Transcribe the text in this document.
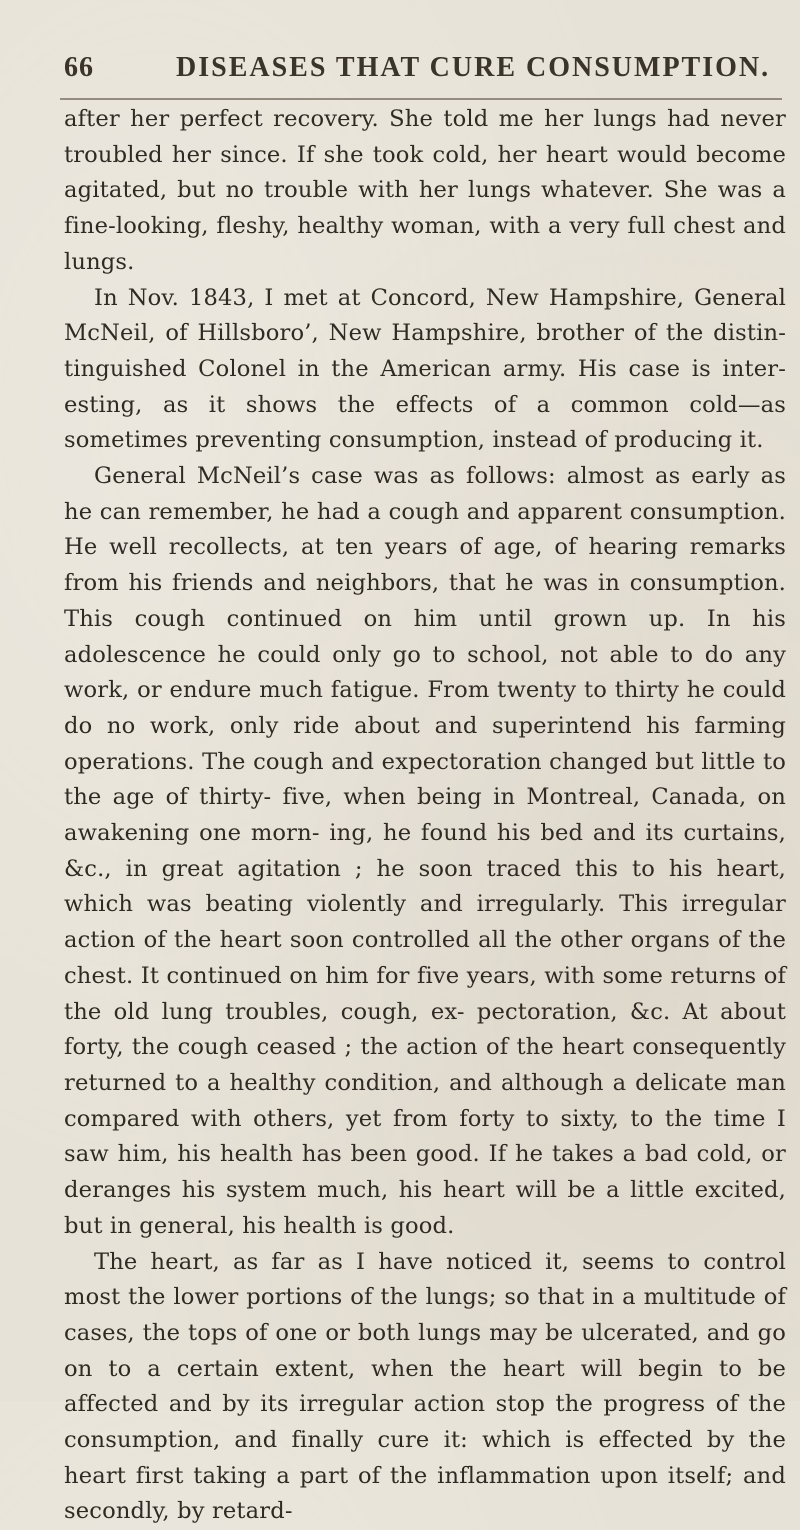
66	DISEASES THAT CURE CONSUMPTION.

after her perfect recovery. She told me her lungs had never troubled her since. If she took cold, her heart would become agitated, but no trouble with her lungs whatever. She was a fine-looking, fleshy, healthy woman, with a very full chest and lungs.

In Nov. 1843, I met at Concord, New Hampshire, General McNeil, of Hillsboro’, New Hampshire, brother of the distin- tinguished Colonel in the American army. His case is inter- esting, as it shows the effects of a common cold—as sometimes preventing consumption, instead of producing it.

General McNeil’s case was as follows: almost as early as he can remember, he had a cough and apparent consumption. He well recollects, at ten years of age, of hearing remarks from his friends and neighbors, that he was in consumption. This cough continued on him until grown up. In his adolescence he could only go to school, not able to do any work, or endure much fatigue. From twenty to thirty he could do no work, only ride about and superintend his farming operations. The cough and expectoration changed but little to the age of thirty- five, when being in Montreal, Canada, on awakening one morn- ing, he found his bed and its curtains, &c., in great agitation ; he soon traced this to his heart, which was beating violently and irregularly. This irregular action of the heart soon controlled all the other organs of the chest. It continued on him for five years, with some returns of the old lung troubles, cough, ex- pectoration, &c. At about forty, the cough ceased ; the action of the heart consequently returned to a healthy condition, and although a delicate man compared with others, yet from forty to sixty, to the time I saw him, his health has been good. If he takes a bad cold, or deranges his system much, his heart will be a little excited, but in general, his health is good.

The heart, as far as I have noticed it, seems to control most the lower portions of the lungs; so that in a multitude of cases, the tops of one or both lungs may be ulcerated, and go on to a certain extent, when the heart will begin to be affected and by its irregular action stop the progress of the consumption, and finally cure it: which is effected by the heart first taking a part of the inflammation upon itself; and secondly, by retard-
